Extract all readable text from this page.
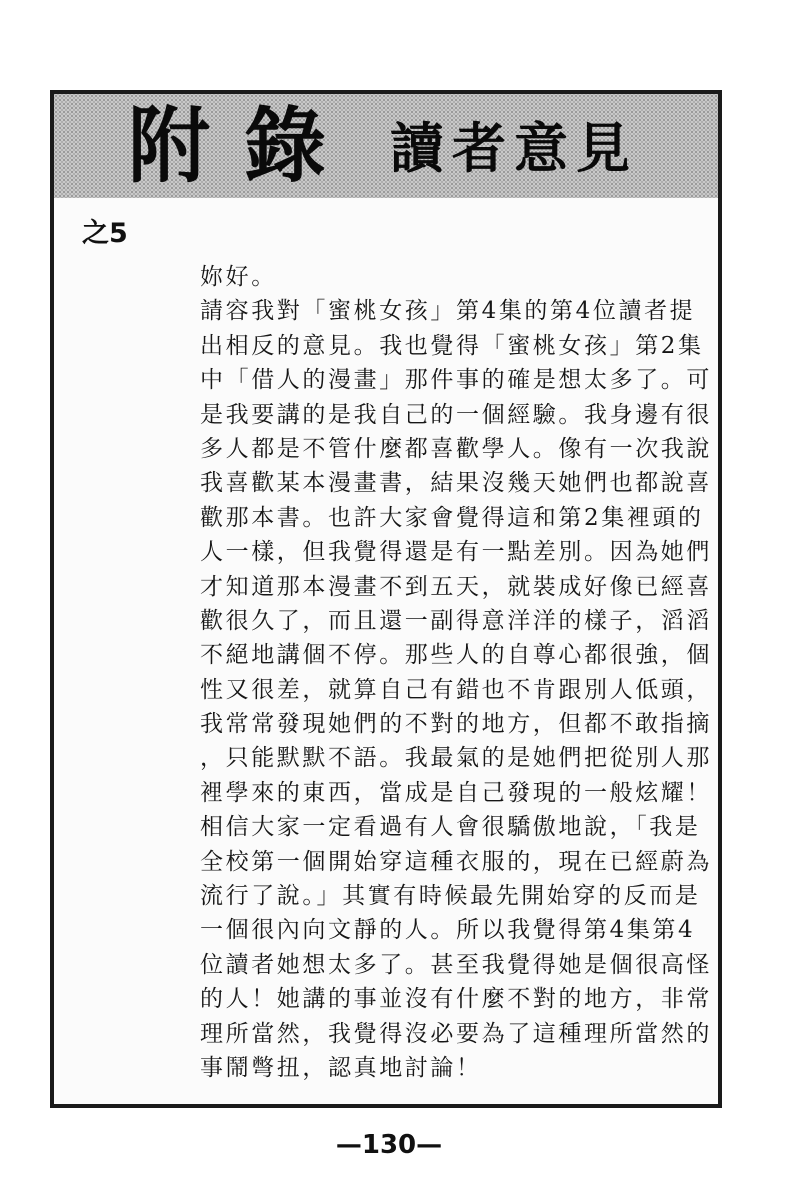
附錄 讀者意見
之5
妳好。
請容我對「蜜桃女孩」第4集的第4位讀者提
出相反的意見。我也覺得「蜜桃女孩」第2集
中「借人的漫畫」那件事的確是想太多了。可
是我要講的是我自己的一個經驗。我身邊有很
多人都是不管什麼都喜歡學人。像有一次我說
我喜歡某本漫畫書，結果沒幾天她們也都說喜
歡那本書。也許大家會覺得這和第2集裡頭的
人一樣，但我覺得還是有一點差別。因為她們
才知道那本漫畫不到五天，就裝成好像已經喜
歡很久了，而且還一副得意洋洋的樣子，滔滔
不絕地講個不停。那些人的自尊心都很強，個
性又很差，就算自己有錯也不肯跟別人低頭，
我常常發現她們的不對的地方，但都不敢指摘
，只能默默不語。我最氣的是她們把從別人那
裡學來的東西，當成是自己發現的一般炫耀！
相信大家一定看過有人會很驕傲地說，「我是
全校第一個開始穿這種衣服的，現在已經蔚為
流行了說。」其實有時候最先開始穿的反而是
一個很內向文靜的人。所以我覺得第4集第4
位讀者她想太多了。甚至我覺得她是個很高怪
的人！她講的事並沒有什麼不對的地方，非常
理所當然，我覺得沒必要為了這種理所當然的
事鬧彆扭，認真地討論！
—130—
